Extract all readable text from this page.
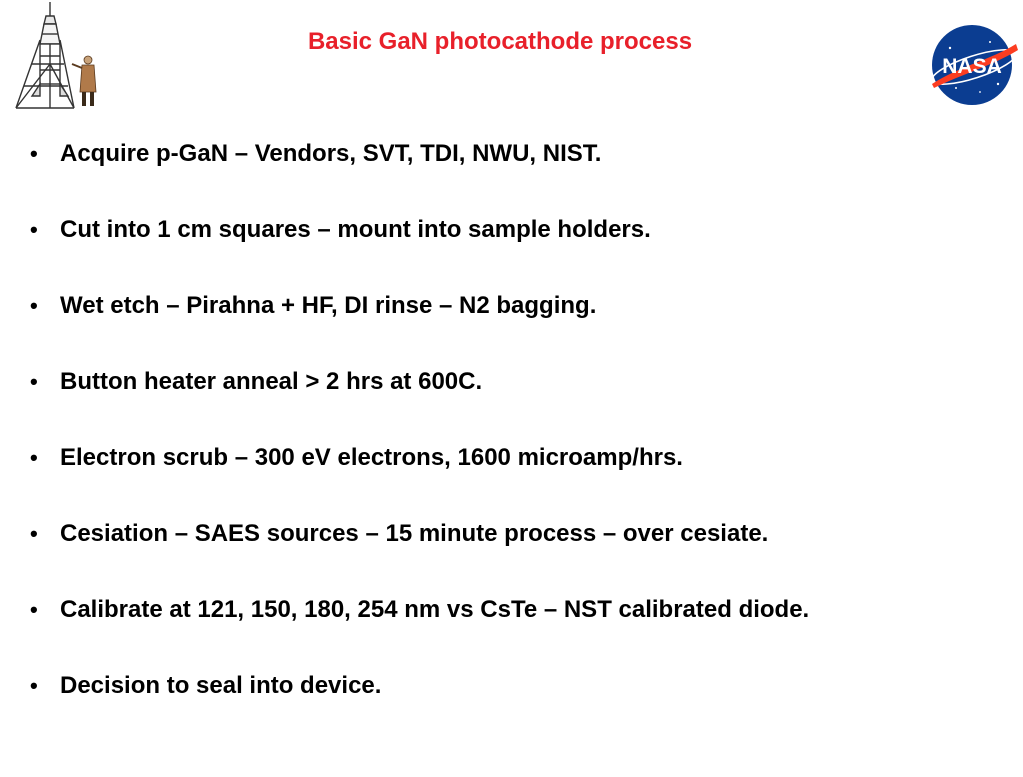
Basic GaN photocathode process
NASA
• Acquire p-GaN – Vendors, SVT, TDI, NWU, NIST.
• Cut into 1 cm squares – mount into sample holders.
• Wet etch – Pirahna + HF, DI rinse – N2 bagging.
• Button heater anneal > 2 hrs at 600C.
• Electron scrub – 300 eV electrons, 1600 microamp/hrs.
• Cesiation – SAES sources – 15 minute process – over cesiate.
• Calibrate at 121, 150, 180, 254 nm vs CsTe – NST calibrated diode.
• Decision to seal into device.
